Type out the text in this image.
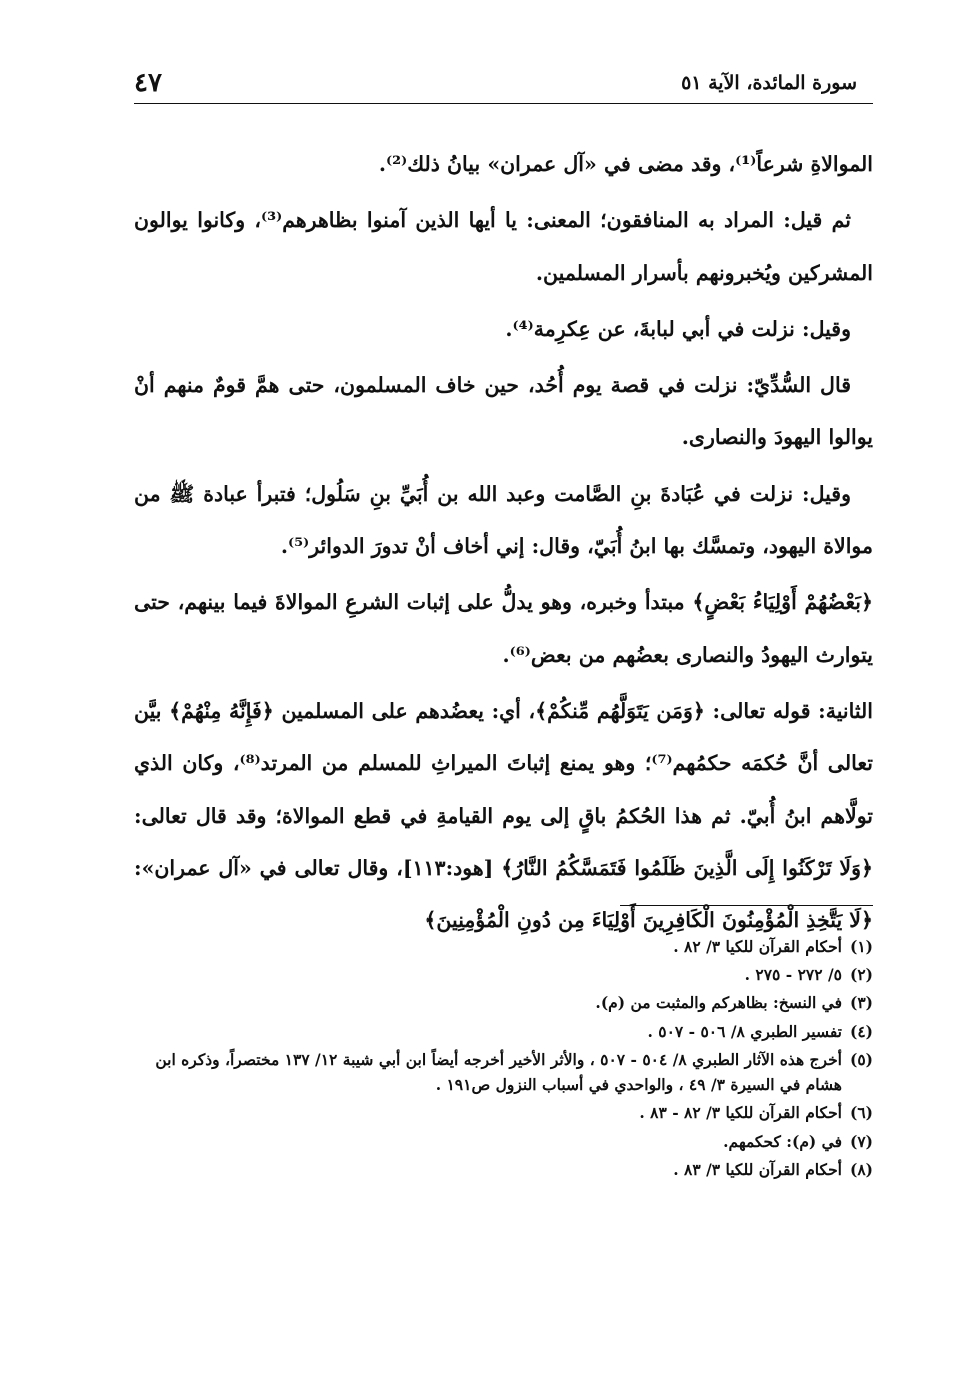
سورة المائدة، الآية ٥١
٤٧

الموالاةِ شرعاً⁽¹⁾، وقد مضى في «آل عمران» بيانُ ذلك⁽²⁾.

ثم قيل: المراد به المنافقون؛ المعنى: يا أيها الذين آمنوا بظاهرهم⁽³⁾، وكانوا يوالون المشركين ويُخبرونهم بأسرار المسلمين.

وقيل: نزلت في أبي لبابةَ، عن عِكرِمة⁽⁴⁾.

قال السُّدِّيّ: نزلت في قصة يوم أُحُد، حين خاف المسلمون، حتى همَّ قومٌ منهم أنْ يوالوا اليهودَ والنصارى.

وقيل: نزلت في عُبَادةَ بنِ الصَّامت وعبد الله بن أُبَيِّ بنِ سَلُول؛ فتبرأ عبادة ﷺ من موالاة اليهود، وتمسَّك بها ابنُ أُبَيّ، وقال: إني أخاف أنْ تدورَ الدوائر⁽⁵⁾.

﴿بَعْضُهُمْ أَوْلِيَاءُ بَعْضٍ﴾ مبتدأ وخبره، وهو يدلُّ على إثبات الشرعِ الموالاةَ فيما بينهم، حتى يتوارث اليهودُ والنصارى بعضُهم من بعض⁽⁶⁾.

الثانية: قوله تعالى: ﴿وَمَن يَتَوَلَّهُم مِّنكُمْ﴾، أي: يعضُدهم على المسلمين ﴿فَإِنَّهُ مِنْهُمْ﴾ بيَّن تعالى أنَّ حُكمَه حكمُهم⁽⁷⁾؛ وهو يمنع إثباتَ الميراثِ للمسلم من المرتد⁽⁸⁾، وكان الذي تولَّاهم ابنُ أُبيّ. ثم هذا الحُكمُ باقٍ إلى يوم القيامةِ في قطع الموالاة؛ وقد قال تعالى: ﴿وَلَا تَرْكَنُوا إِلَى الَّذِينَ ظَلَمُوا فَتَمَسَّكُمُ النَّارُ﴾ [هود:١١٣]، وقال تعالى في «آل عمران»: ﴿لَا يَتَّخِذِ الْمُؤْمِنُونَ الْكَافِرِينَ أَوْلِيَاءَ مِن دُونِ الْمُؤْمِنِينَ﴾

(١)
أحكام القرآن للكيا ٣/ ٨٢ .
(٢)
٥/ ٢٧٢ - ٢٧٥ .
(٣)
في النسخ: بظاهركم والمثبت من (م).
(٤)
تفسير الطبري ٨/ ٥٠٦ - ٥٠٧ .
(٥)
أخرج هذه الآثار الطبري ٨/ ٥٠٤ - ٥٠٧ ، والأثر الأخير أخرجه أيضاً ابن أبي شيبة ١٢/ ١٣٧ مختصراً، وذكره ابن هشام في السيرة ٣/ ٤٩ ، والواحدي في أسباب النزول ص١٩١ .
(٦)
أحكام القرآن للكيا ٣/ ٨٢ - ٨٣ .
(٧)
في (م): كحكمهم.
(٨)
أحكام القرآن للكيا ٣/ ٨٣ .
